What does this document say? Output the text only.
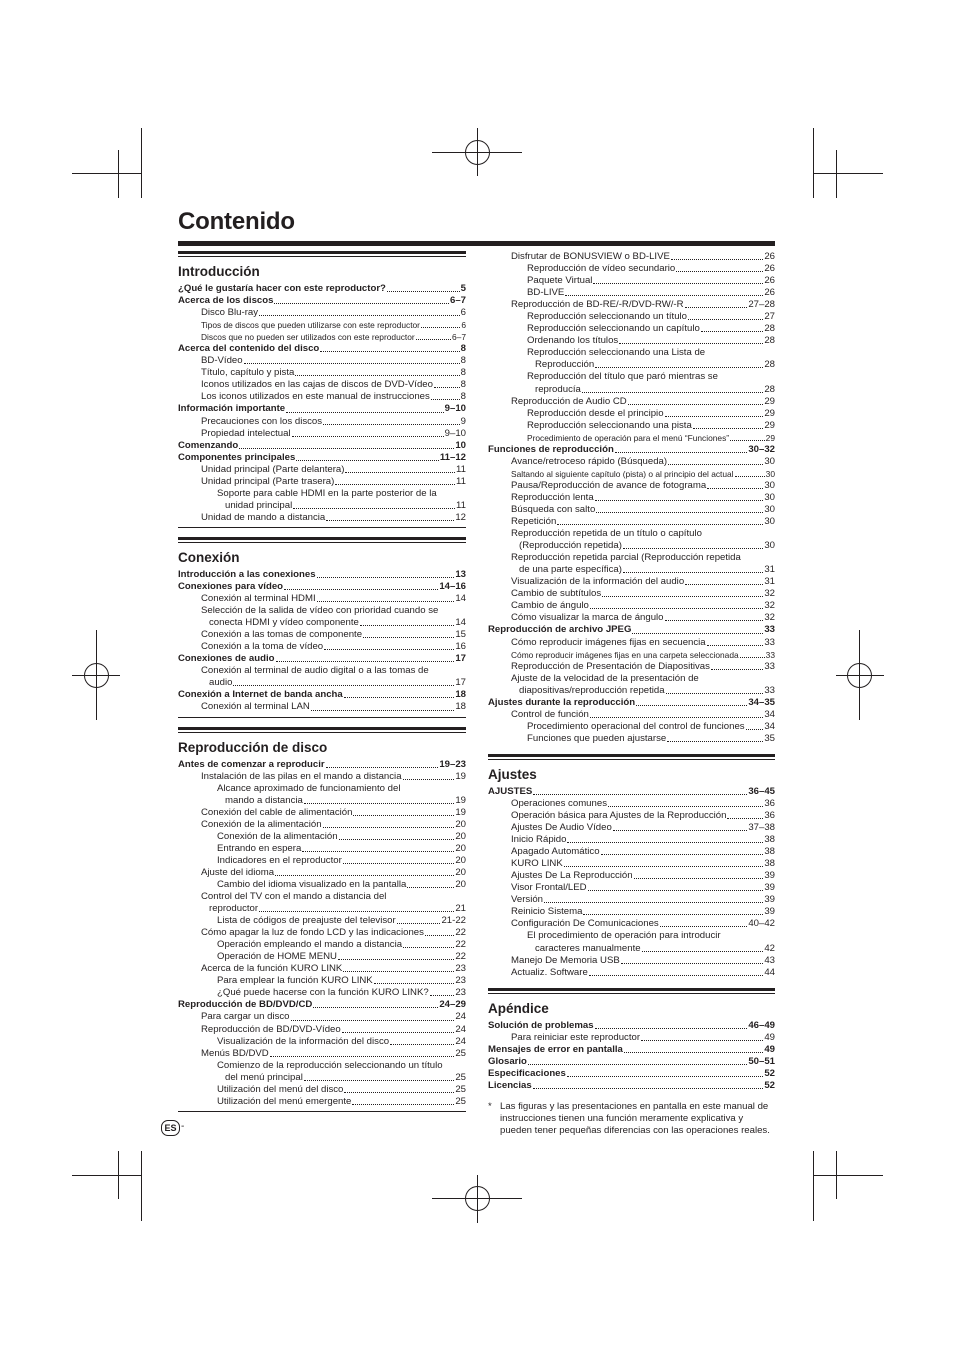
Contenido
Introducción
¿Qué le gustaría hacer con este reproductor?	5
Acerca de los discos	6–7
Disco Blu-ray	6
Tipos de discos que pueden utilizarse con este reproductor	6
Discos que no pueden ser utilizados con este reproductor	6–7
Acerca del contenido del disco	8
BD-Vídeo	8
Título, capítulo y pista	8
Iconos utilizados en las cajas de discos de DVD-Vídeo	8
Los iconos utilizados en este manual de instrucciones	8
Información importante	9–10
Precauciones con los discos	9
Propiedad intelectual	9–10
Comenzando	10
Componentes principales	11–12
Unidad principal (Parte delantera)	11
Unidad principal (Parte trasera)	11
Soporte para cable HDMI en la parte posterior de la
unidad principal	11
Unidad de mando a distancia	12
Conexión
Introducción a las conexiones	13
Conexiones para vídeo	14–16
Conexión al terminal HDMI	14
Selección de la salida de vídeo con prioridad cuando se
conecta HDMI y vídeo componente	14
Conexión a las tomas de componente	15
Conexión a la toma de vídeo	16
Conexiones de audio	17
Conexión al terminal de audio digital o a las tomas de
audio	17
Conexión a Internet de banda ancha	18
Conexión al terminal LAN	18
Reproducción de disco
Antes de comenzar a reproducir	19–23
Instalación de las pilas en el mando a distancia	19
Alcance aproximado de funcionamiento del
mando a distancia	19
Conexión del cable de alimentación	19
Conexión de la alimentación	20
Conexión de la alimentación	20
Entrando en espera	20
Indicadores en el reproductor	20
Ajuste del idioma	20
Cambio del idioma visualizado en la pantalla	20
Control del TV con el mando a distancia del
reproductor	21
Lista de códigos de preajuste del televisor	21-22
Cómo apagar la luz de fondo LCD y las indicaciones	22
Operación empleando el mando a distancia	22
Operación de HOME MENU	22
Acerca de la función KURO LINK	23
Para emplear la función KURO LINK	23
¿Qué puede hacerse con la función KURO LINK?	23
Reproducción de BD/DVD/CD	24–29
Para cargar un disco	24
Reproducción de BD/DVD-Vídeo	24
Visualización de la información del disco	24
Menús BD/DVD	25
Comienzo de la reproducción seleccionando un título
del menú principal	25
Utilización del menú del disco	25
Utilización del menú emergente	25
Disfrutar de BONUSVIEW o BD-LIVE	26
Reproducción de vídeo secundario	26
Paquete Virtual	26
BD-LIVE	26
Reproducción de BD-RE/-R/DVD-RW/-R	27–28
Reproducción seleccionando un título	27
Reproducción seleccionando un capítulo	28
Ordenando los títulos	28
Reproducción seleccionando una Lista de
Reproducción	28
Reproducción del título que paró mientras se
reproducía	28
Reproducción de Audio CD	29
Reproducción desde el principio	29
Reproducción seleccionando una pista	29
Procedimiento de operación para el menú “Funciones”	29
Funciones de reproducción	30–32
Avance/retroceso rápido (Búsqueda)	30
Saltando al siguiente capítulo (pista) o al principio del actual	30
Pausa/Reproducción de avance de fotograma	30
Reproducción lenta	30
Búsqueda con salto	30
Repetición	30
Reproducción repetida de un título o capítulo
(Reproducción repetida)	30
Reproducción repetida parcial (Reproducción repetida
de una parte específica)	31
Visualización de la información del audio	31
Cambio de subtítulos	32
Cambio de ángulo	32
Cómo visualizar la marca de ángulo	32
Reproducción de archivo JPEG	33
Cómo reproducir imágenes fijas en secuencia	33
Cómo reproducir imágenes fijas en una carpeta seleccionada	33
Reproducción de Presentación de Diapositivas	33
Ajuste de la velocidad de la presentación de
diapositivas/reproducción repetida	33
Ajustes durante la reproducción	34–35
Control de función	34
Procedimiento operacional del control de funciones 34
Funciones que pueden ajustarse	35
Ajustes
AJUSTES	36–45
Operaciones comunes	36
Operación básica para Ajustes de la Reproducción	36
Ajustes De Audio Vídeo	37–38
Inicio Rápido	38
Apagado Automático	38
KURO LINK	38
Ajustes De La Reproducción	39
Visor Frontal/LED	39
Versión	39
Reinicio Sistema	39
Configuración De Comunicaciones	40–42
El procedimiento de operación para introducir
caracteres manualmente	42
Manejo De Memoria USB	43
Actualiz. Software	44
Apéndice
Solución de problemas	46–49
Para reiniciar este reproductor	49
Mensajes de error en pantalla	49
Glosario	50–51
Especificaciones	52
Licencias	52
* Las figuras y las presentaciones en pantalla en este manual de instrucciones tienen una función meramente explicativa y pueden tener pequeñas diferencias con las operaciones reales.
ES -
